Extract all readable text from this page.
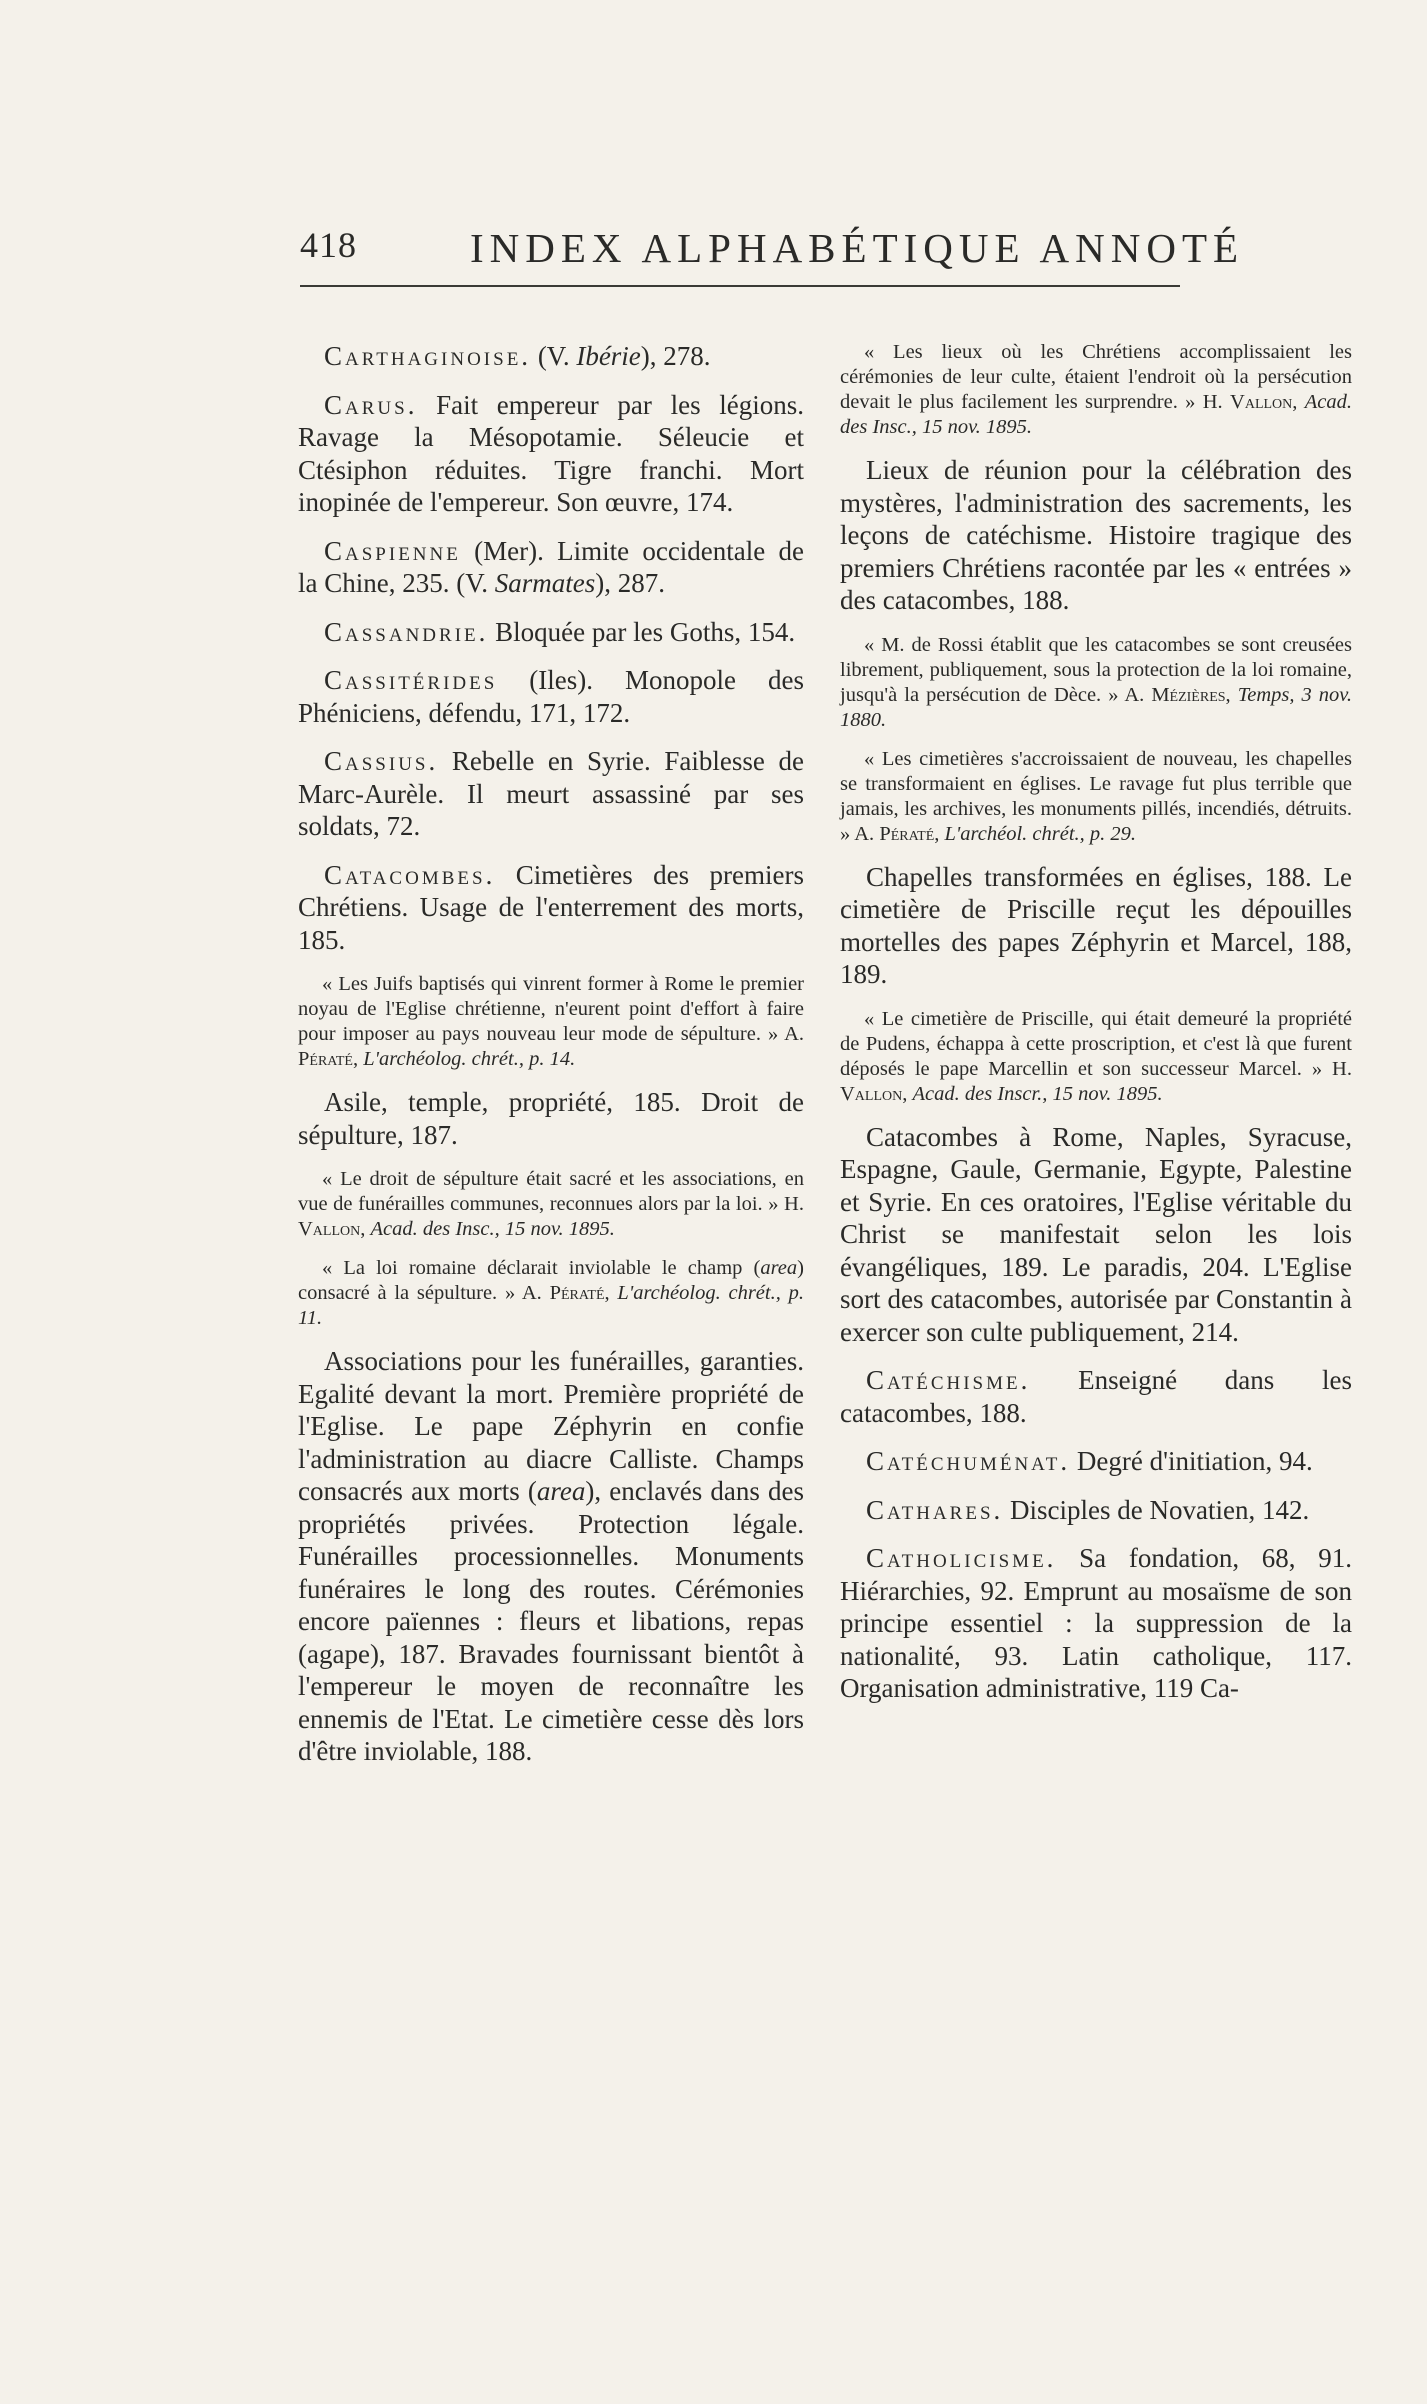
418	INDEX ALPHABÉTIQUE ANNOTÉ

Carthaginoise. (V. Ibérie), 278.

Carus. Fait empereur par les légions. Ravage la Mésopotamie. Séleucie et Ctésiphon réduites. Tigre franchi. Mort inopinée de l'empereur. Son œuvre, 174.

Caspienne (Mer). Limite occidentale de la Chine, 235. (V. Sarmates), 287.

Cassandrie. Bloquée par les Goths, 154.

Cassitérides (Iles). Monopole des Phéniciens, défendu, 171, 172.

Cassius. Rebelle en Syrie. Faiblesse de Marc-Aurèle. Il meurt assassiné par ses soldats, 72.

Catacombes. Cimetières des premiers Chrétiens. Usage de l'enterrement des morts, 185.

« Les Juifs baptisés qui vinrent former à Rome le premier noyau de l'Eglise chrétienne, n'eurent point d'effort à faire pour imposer au pays nouveau leur mode de sépulture. » A. Pératé, L'archéolog. chrét., p. 14.

Asile, temple, propriété, 185. Droit de sépulture, 187.

« Le droit de sépulture était sacré et les associations, en vue de funérailles communes, reconnues alors par la loi. » H. Vallon, Acad. des Insc., 15 nov. 1895.

« La loi romaine déclarait inviolable le champ (area) consacré à la sépulture. » A. Pératé, L'archéolog. chrét., p. 11.

Associations pour les funérailles, garanties. Egalité devant la mort. Première propriété de l'Eglise. Le pape Zéphyrin en confie l'administration au diacre Calliste. Champs consacrés aux morts (area), enclavés dans des propriétés privées. Protection légale. Funérailles processionnelles. Monuments funéraires le long des routes. Cérémonies encore païennes : fleurs et libations, repas (agape), 187. Bravades fournissant bientôt à l'empereur le moyen de reconnaître les ennemis de l'Etat. Le cimetière cesse dès lors d'être inviolable, 188.

« Les lieux où les Chrétiens accomplissaient les cérémonies de leur culte, étaient l'endroit où la persécution devait le plus facilement les surprendre. » H. Vallon, Acad. des Insc., 15 nov. 1895.

Lieux de réunion pour la célébration des mystères, l'administration des sacrements, les leçons de catéchisme. Histoire tragique des premiers Chrétiens racontée par les « entrées » des catacombes, 188.

« M. de Rossi établit que les catacombes se sont creusées librement, publiquement, sous la protection de la loi romaine, jusqu'à la persécution de Dèce. » A. Mézières, Temps, 3 nov. 1880.

« Les cimetières s'accroissaient de nouveau, les chapelles se transformaient en églises. Le ravage fut plus terrible que jamais, les archives, les monuments pillés, incendiés, détruits. » A. Pératé, L'archéol. chrét., p. 29.

Chapelles transformées en églises, 188. Le cimetière de Priscille reçut les dépouilles mortelles des papes Zéphyrin et Marcel, 188, 189.

« Le cimetière de Priscille, qui était demeuré la propriété de Pudens, échappa à cette proscription, et c'est là que furent déposés le pape Marcellin et son successeur Marcel. » H. Vallon, Acad. des Inscr., 15 nov. 1895.

Catacombes à Rome, Naples, Syracuse, Espagne, Gaule, Germanie, Egypte, Palestine et Syrie. En ces oratoires, l'Eglise véritable du Christ se manifestait selon les lois évangéliques, 189. Le paradis, 204. L'Eglise sort des catacombes, autorisée par Constantin à exercer son culte publiquement, 214.

Catéchisme. Enseigné dans les catacombes, 188.

Catéchuménat. Degré d'initiation, 94.

Cathares. Disciples de Novatien, 142.

Catholicisme. Sa fondation, 68, 91. Hiérarchies, 92. Emprunt au mosaïsme de son principe essentiel : la suppression de la nationalité, 93. Latin catholique, 117. Organisation administrative, 119 Ca-
